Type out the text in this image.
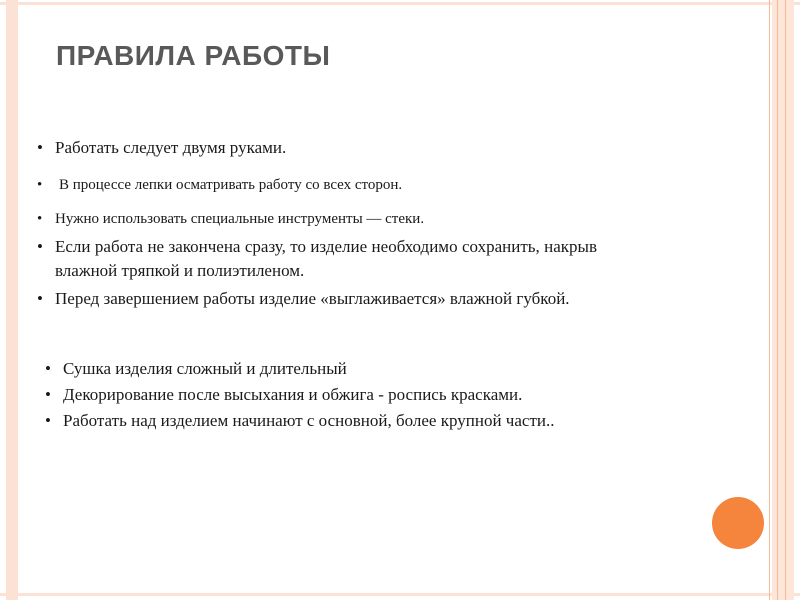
ПРАВИЛА РАБОТЫ
• Работать следует двумя руками.
• В процессе лепки осматривать работу со всех сторон.
• Нужно использовать специальные инструменты — стеки.
• Если работа не закончена сразу, то изделие необходимо сохранить, накрыв влажной тряпкой и полиэтиленом.
• Перед завершением работы изделие «выглаживается» влажной губкой.
• Сушка изделия сложный и длительный
• Декорирование после высыхания и обжига - роспись красками.
• Работать над изделием начинают с основной, более крупной части..
